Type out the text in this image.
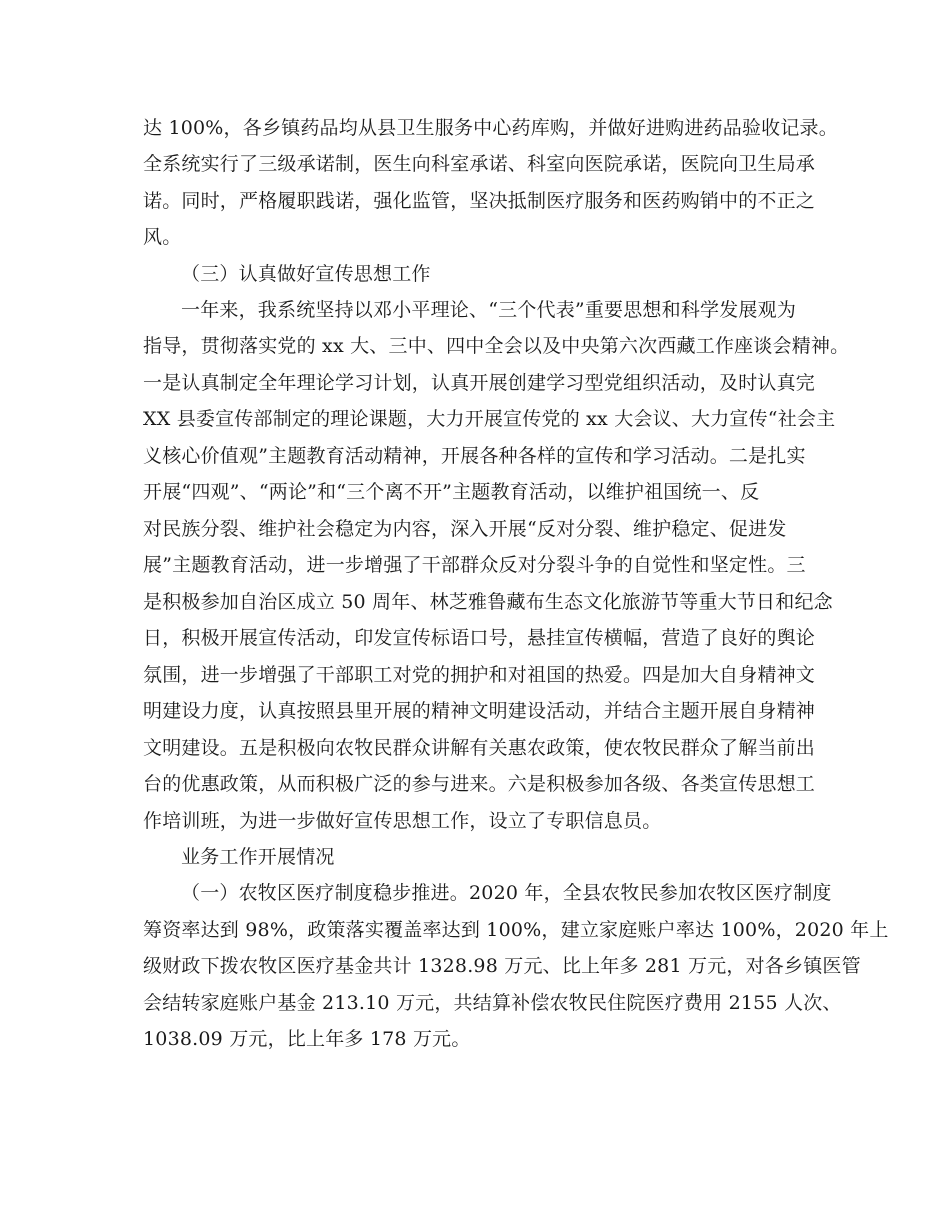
达 100%，各乡镇药品均从县卫生服务中心药库购，并做好进购进药品验收记录。
全系统实行了三级承诺制，医生向科室承诺、科室向医院承诺，医院向卫生局承
诺。同时，严格履职践诺，强化监管，坚决抵制医疗服务和医药购销中的不正之
风。
（三）认真做好宣传思想工作
一年来，我系统坚持以邓小平理论、“三个代表”重要思想和科学发展观为
指导，贯彻落实党的 xx 大、三中、四中全会以及中央第六次西藏工作座谈会精神。
一是认真制定全年理论学习计划，认真开展创建学习型党组织活动，及时认真完
XX 县委宣传部制定的理论课题，大力开展宣传党的 xx 大会议、大力宣传“社会主
义核心价值观”主题教育活动精神，开展各种各样的宣传和学习活动。二是扎实
开展“四观”、“两论”和“三个离不开”主题教育活动，以维护祖国统一、反
对民族分裂、维护社会稳定为内容，深入开展“反对分裂、维护稳定、促进发
展”主题教育活动，进一步增强了干部群众反对分裂斗争的自觉性和坚定性。三
是积极参加自治区成立 50 周年、林芝雅鲁藏布生态文化旅游节等重大节日和纪念
日，积极开展宣传活动，印发宣传标语口号，悬挂宣传横幅，营造了良好的舆论
氛围，进一步增强了干部职工对党的拥护和对祖国的热爱。四是加大自身精神文
明建设力度，认真按照县里开展的精神文明建设活动，并结合主题开展自身精神
文明建设。五是积极向农牧民群众讲解有关惠农政策，使农牧民群众了解当前出
台的优惠政策，从而积极广泛的参与进来。六是积极参加各级、各类宣传思想工
作培训班，为进一步做好宣传思想工作，设立了专职信息员。
业务工作开展情况
（一）农牧区医疗制度稳步推进。2020 年，全县农牧民参加农牧区医疗制度
筹资率达到 98%，政策落实覆盖率达到 100%，建立家庭账户率达 100%，2020 年上
级财政下拨农牧区医疗基金共计 1328.98 万元、比上年多 281 万元，对各乡镇医管
会结转家庭账户基金 213.10 万元，共结算补偿农牧民住院医疗费用 2155 人次、
1038.09 万元，比上年多 178 万元。
